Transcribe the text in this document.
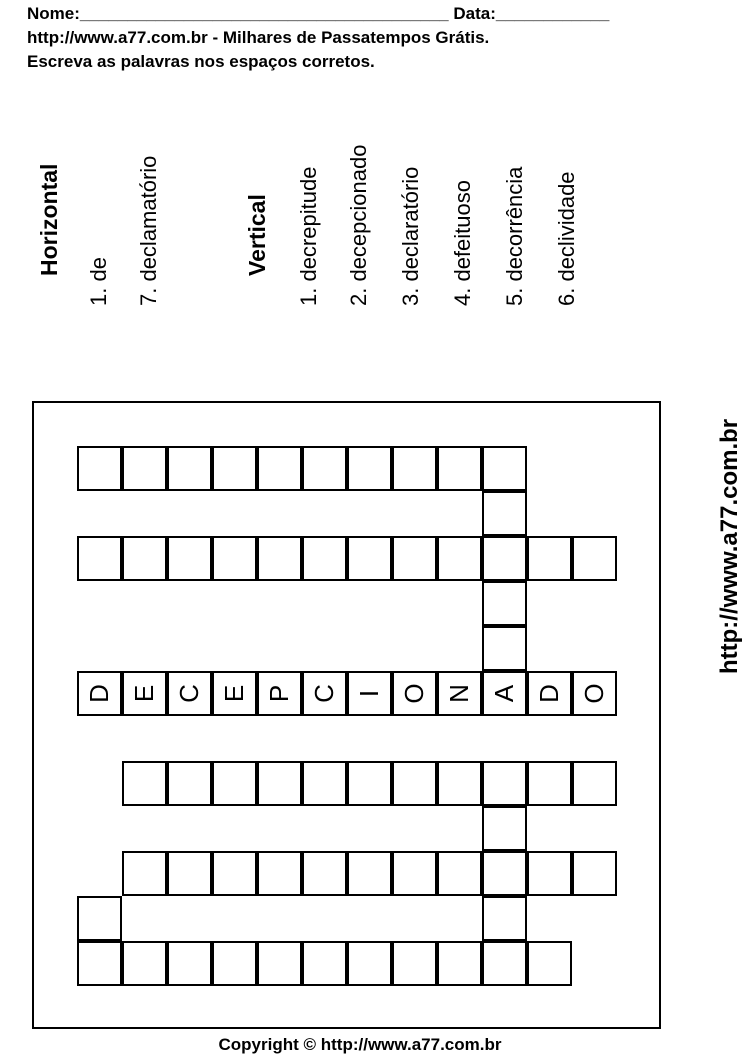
Nome:_______________________________________ Data:____________
http://www.a77.com.br - Milhares de Passatempos Grátis.
Escreva as palavras nos espaços corretos.
Horizontal
1. de 7. declamatório	Vertical 1. decrepitude 2. decepcionado 3. declaratório 4. defeituoso 5. decorrência 6. declividade
D E C E P C I O N A D O
http://www.a77.com.br
Copyright © http://www.a77.com.br
